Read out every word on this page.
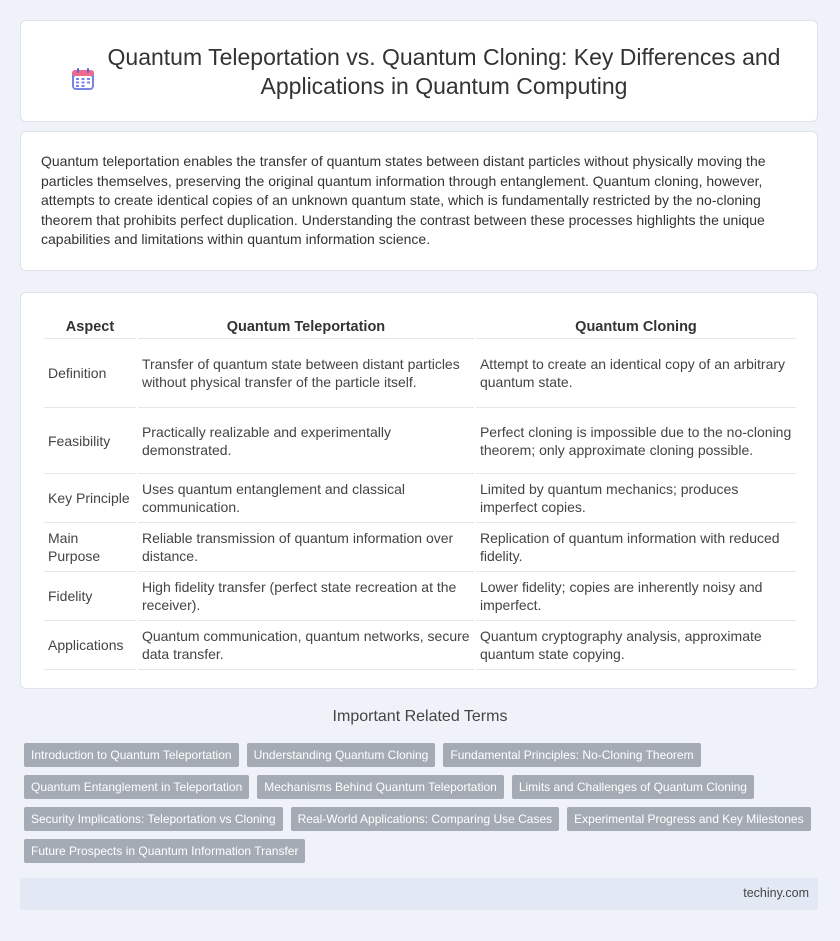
Quantum Teleportation vs. Quantum Cloning: Key Differences and Applications in Quantum Computing

Quantum teleportation enables the transfer of quantum states between distant particles without physically moving the particles themselves, preserving the original quantum information through entanglement. Quantum cloning, however, attempts to create identical copies of an unknown quantum state, which is fundamentally restricted by the no-cloning theorem that prohibits perfect duplication. Understanding the contrast between these processes highlights the unique capabilities and limitations within quantum information science.

Aspect	Quantum Teleportation	Quantum Cloning
Definition	Transfer of quantum state between distant particles without physical transfer of the particle itself.	Attempt to create an identical copy of an arbitrary quantum state.
Feasibility	Practically realizable and experimentally demonstrated.	Perfect cloning is impossible due to the no-cloning theorem; only approximate cloning possible.
Key Principle	Uses quantum entanglement and classical communication.	Limited by quantum mechanics; produces imperfect copies.
Main Purpose	Reliable transmission of quantum information over distance.	Replication of quantum information with reduced fidelity.
Fidelity	High fidelity transfer (perfect state recreation at the receiver).	Lower fidelity; copies are inherently noisy and imperfect.
Applications	Quantum communication, quantum networks, secure data transfer.	Quantum cryptography analysis, approximate quantum state copying.
Important Related Terms
Introduction to Quantum Teleportation	Understanding Quantum Cloning	Fundamental Principles: No-Cloning Theorem
Quantum Entanglement in Teleportation	Mechanisms Behind Quantum Teleportation	Limits and Challenges of Quantum Cloning
Security Implications: Teleportation vs Cloning	Real-World Applications: Comparing Use Cases	Experimental Progress and Key Milestones
Future Prospects in Quantum Information Transfer
techiny.com
